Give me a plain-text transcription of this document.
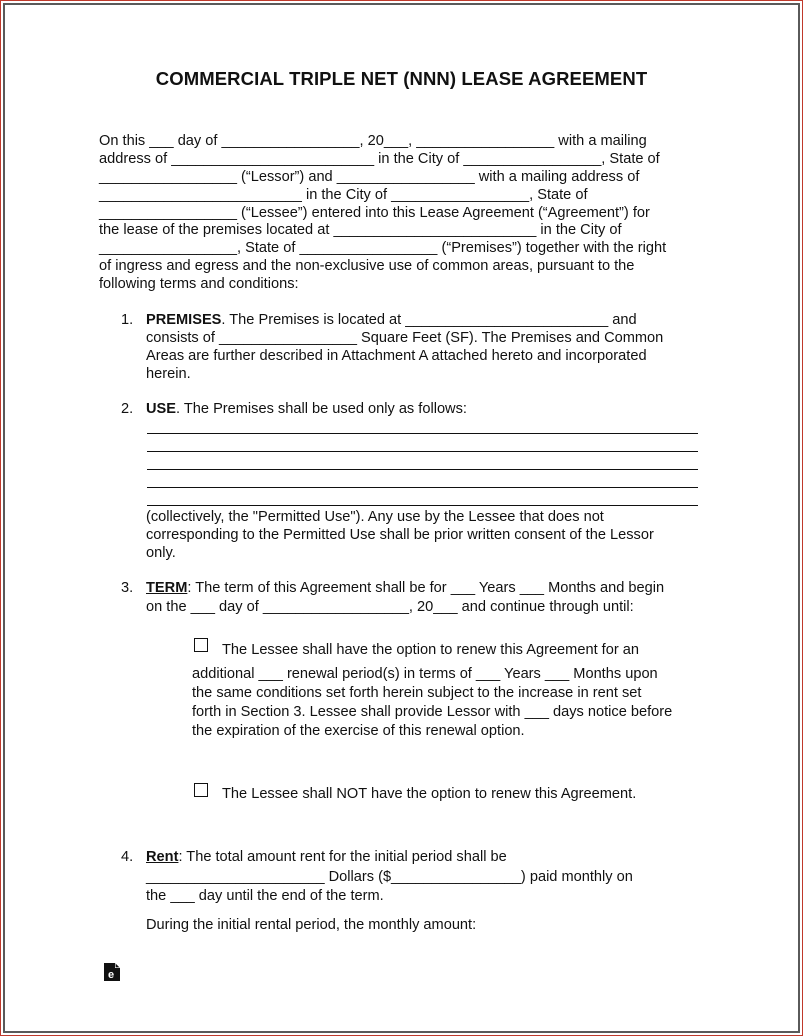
COMMERCIAL TRIPLE NET (NNN) LEASE AGREEMENT
On this ___ day of _________________, 20___, _________________ with a mailing
address of _________________________ in the City of _________________, State of
_________________ (“Lessor”) and _________________ with a mailing address of
_________________________ in the City of _________________, State of
_________________ (“Lessee”) entered into this Lease Agreement (“Agreement”) for
the lease of the premises located at _________________________ in the City of
_________________, State of _________________ (“Premises”) together with the right
of ingress and egress and the non-exclusive use of common areas, pursuant to the
following terms and conditions:
1. PREMISES. The Premises is located at _________________________ and
consists of _________________ Square Feet (SF). The Premises and Common
Areas are further described in Attachment A attached hereto and incorporated
herein.
2. USE. The Premises shall be used only as follows:
(collectively, the "Permitted Use"). Any use by the Lessee that does not
corresponding to the Permitted Use shall be prior written consent of the Lessor
only.
3. TERM: The term of this Agreement shall be for ___ Years ___ Months and begin
on the ___ day of __________________, 20___ and continue through until:
The Lessee shall have the option to renew this Agreement for an
additional ___ renewal period(s) in terms of ___ Years ___ Months upon
the same conditions set forth herein subject to the increase in rent set
forth in Section 3. Lessee shall provide Lessor with ___ days notice before
the expiration of the exercise of this renewal option.
The Lessee shall NOT have the option to renew this Agreement.
4. Rent: The total amount rent for the initial period shall be
______________________ Dollars ($________________) paid monthly on
the ___ day until the end of the term.
During the initial rental period, the monthly amount:
e
